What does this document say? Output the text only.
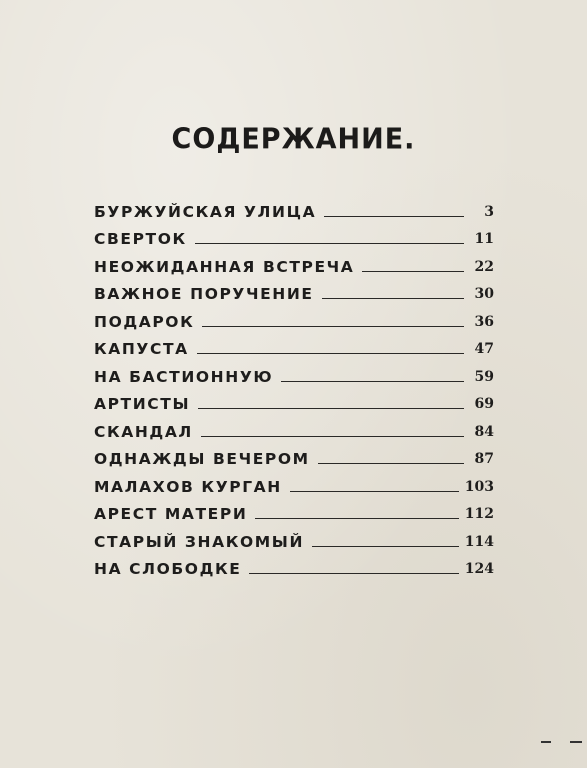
СОДЕРЖАНИЕ.
БУРЖУЙСКАЯ УЛИЦА	3
СВЕРТОК	11
НЕОЖИДАННАЯ ВСТРЕЧА	22
ВАЖНОЕ ПОРУЧЕНИЕ	30
ПОДАРОК	36
КАПУСТА	47
НА БАСТИОННУЮ	59
АРТИСТЫ	69
СКАНДАЛ	84
ОДНАЖДЫ ВЕЧЕРОМ	87
МАЛАХОВ КУРГАН	103
АРЕСТ МАТЕРИ	112
СТАРЫЙ ЗНАКОМЫЙ	114
НА СЛОБОДКЕ	124
